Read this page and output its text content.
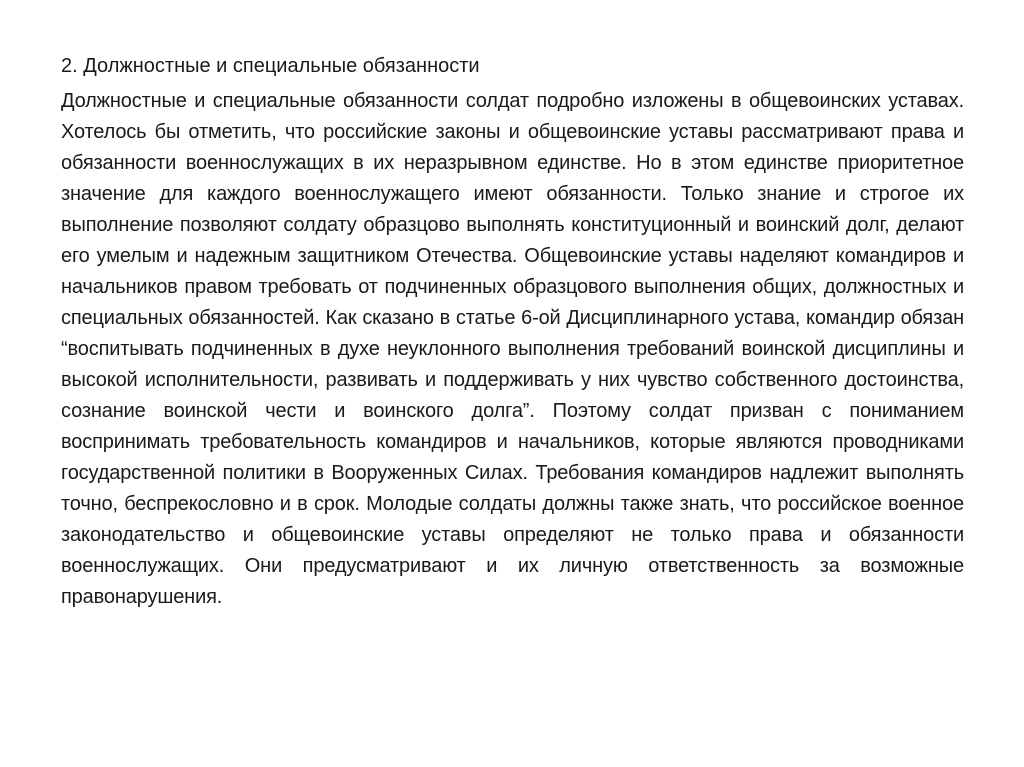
2. Должностные и специальные обязанности

Должностные и специальные обязанности солдат подробно изложены в общевоинских уставах. Хотелось бы отметить, что российские законы и общевоинские уставы рассматривают права и обязанности военнослужащих в их неразрывном единстве. Но в этом единстве приоритетное значение для каждого военнослужащего имеют обязанности. Только знание и строгое их выполнение позволяют солдату образцово выполнять конституционный и воинский долг, делают его умелым и надежным защитником Отечества. Общевоинские уставы наделяют командиров и начальников правом требовать от подчиненных образцового выполнения общих, должностных и специальных обязанностей. Как сказано в статье 6-ой Дисциплинарного устава, командир обязан “воспитывать подчиненных в духе неуклонного выполнения требований воинской дисциплины и высокой исполнительности, развивать и поддерживать у них чувство собственного достоинства, сознание воинской чести и воинского долга”. Поэтому солдат призван с пониманием воспринимать требовательность командиров и начальников, которые являются проводниками государственной политики в Вооруженных Силах. Требования командиров надлежит выполнять точно, беспрекословно и в срок. Молодые солдаты должны также знать, что российское военное законодательство и общевоинские уставы определяют не только права и обязанности военнослужащих. Они предусматривают и их личную ответственность за возможные правонарушения.
